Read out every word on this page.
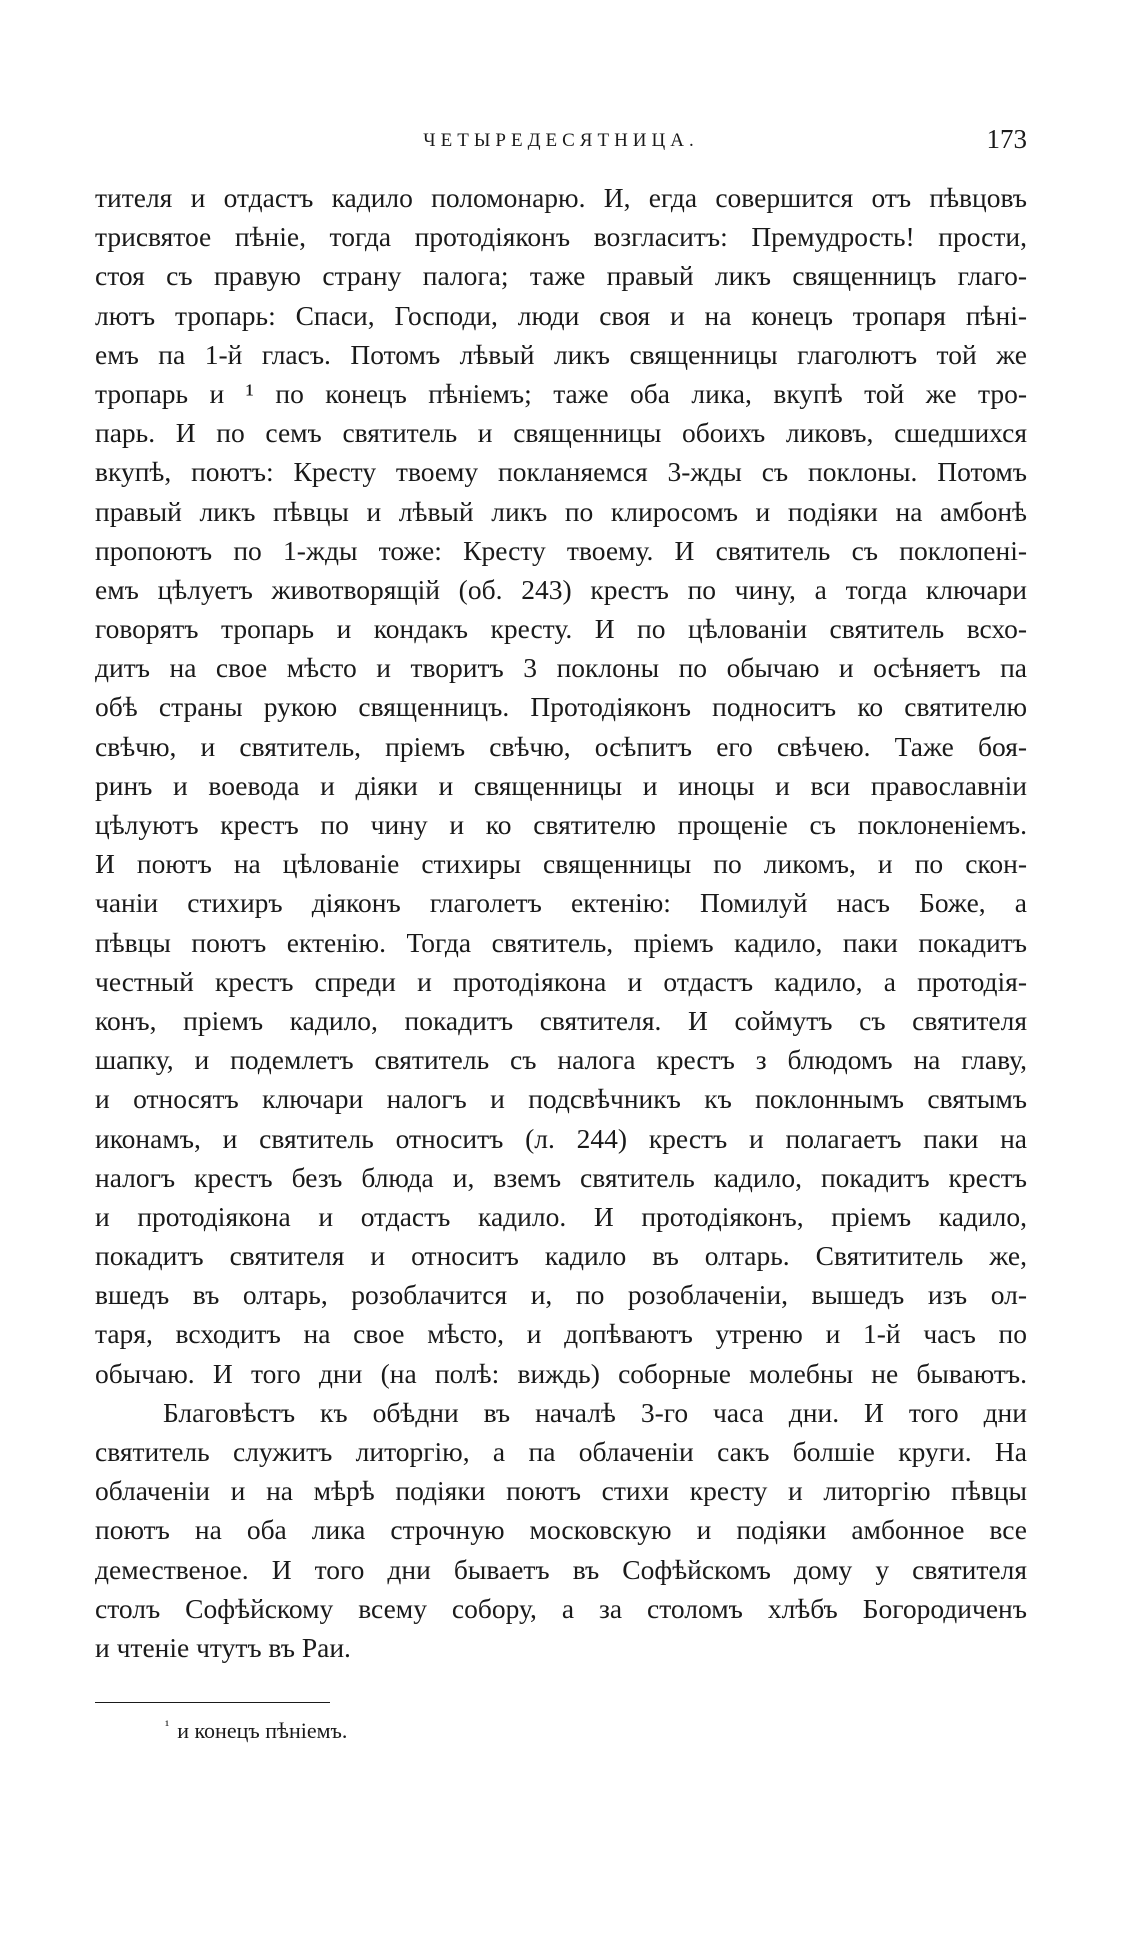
ЧЕТЫРЕДЕСЯТНИЦА.	173
тителя и отдастъ кадило поломонарю. И, егда совершится отъ пѣвцовъ
трисвятое пѣніе, тогда протодіяконъ возгласитъ: Премудрость! прости,
стоя съ правую страну палога; таже правый ликъ священницъ глаго-
лютъ тропарь: Спаси, Господи, люди своя и на конецъ тропаря пѣні-
емъ па 1-й гласъ. Потомъ лѣвый ликъ священницы глаголютъ той же
тропарь и ¹ по конецъ пѣніемъ; таже оба лика, вкупѣ той же тро-
парь. И по семъ святитель и священницы обоихъ ликовъ, сшедшихся
вкупѣ, поютъ: Кресту твоему покланяемся 3-жды съ поклоны. Потомъ
правый ликъ пѣвцы и лѣвый ликъ по клиросомъ и подіяки на амбонѣ
пропоютъ по 1-жды тоже: Кресту твоему. И святитель съ поклопені-
емъ цѣлуетъ животворящій (об. 243) крестъ по чину, а тогда ключари
говорятъ тропарь и кондакъ кресту. И по цѣлованіи святитель всхо-
дитъ на свое мѣсто и творитъ 3 поклоны по обычаю и осѣняетъ па
обѣ страны рукою священницъ. Протодіяконъ подноситъ ко святителю
свѣчю, и святитель, пріемъ свѣчю, осѣпитъ его свѣчею. Таже боя-
ринъ и воевода и діяки и священницы и иноцы и вси православніи
цѣлуютъ крестъ по чину и ко святителю прощеніе съ поклоненіемъ.
И поютъ на цѣлованіе стихиры священницы по ликомъ, и по скон-
чаніи стихиръ діяконъ глаголетъ ектенію: Помилуй насъ Боже, а
пѣвцы поютъ ектенію. Тогда святитель, пріемъ кадило, паки покадитъ
честный крестъ спреди и протодіякона и отдастъ кадило, а протодія-
конъ, пріемъ кадило, покадитъ святителя. И соймутъ съ святителя
шапку, и подемлетъ святитель съ налога крестъ з блюдомъ на главу,
и относятъ ключари налогъ и подсвѣчникъ къ поклоннымъ святымъ
иконамъ, и святитель относитъ (л. 244) крестъ и полагаетъ паки на
налогъ крестъ безъ блюда и, вземъ святитель кадило, покадитъ крестъ
и протодіякона и отдастъ кадило. И протодіяконъ, пріемъ кадило,
покадитъ святителя и относитъ кадило въ олтарь. Святититель же,
вшедъ въ олтарь, розоблачится и, по розоблаченіи, вышедъ изъ ол-
таря, всходитъ на свое мѣсто, и допѣваютъ утреню и 1-й часъ по
обычаю. И того дни (на полѣ: виждь) соборные молебны не бываютъ.
Благовѣстъ къ обѣдни въ началѣ 3-го часа дни. И того дни
святитель служитъ литоргію, а па облаченіи сакъ болшіе круги. На
облаченіи и на мѣрѣ подіяки поютъ стихи кресту и литоргію пѣвцы
поютъ на оба лика строчную московскую и подіяки амбонное все
демественое. И того дни бываетъ въ Софѣйскомъ дому у святителя
столъ Софѣйскому всему собору, а за столомъ хлѣбъ Богородиченъ
и чтеніе чтутъ въ Раи.
$^{^1}$ и конецъ пѣніемъ.
